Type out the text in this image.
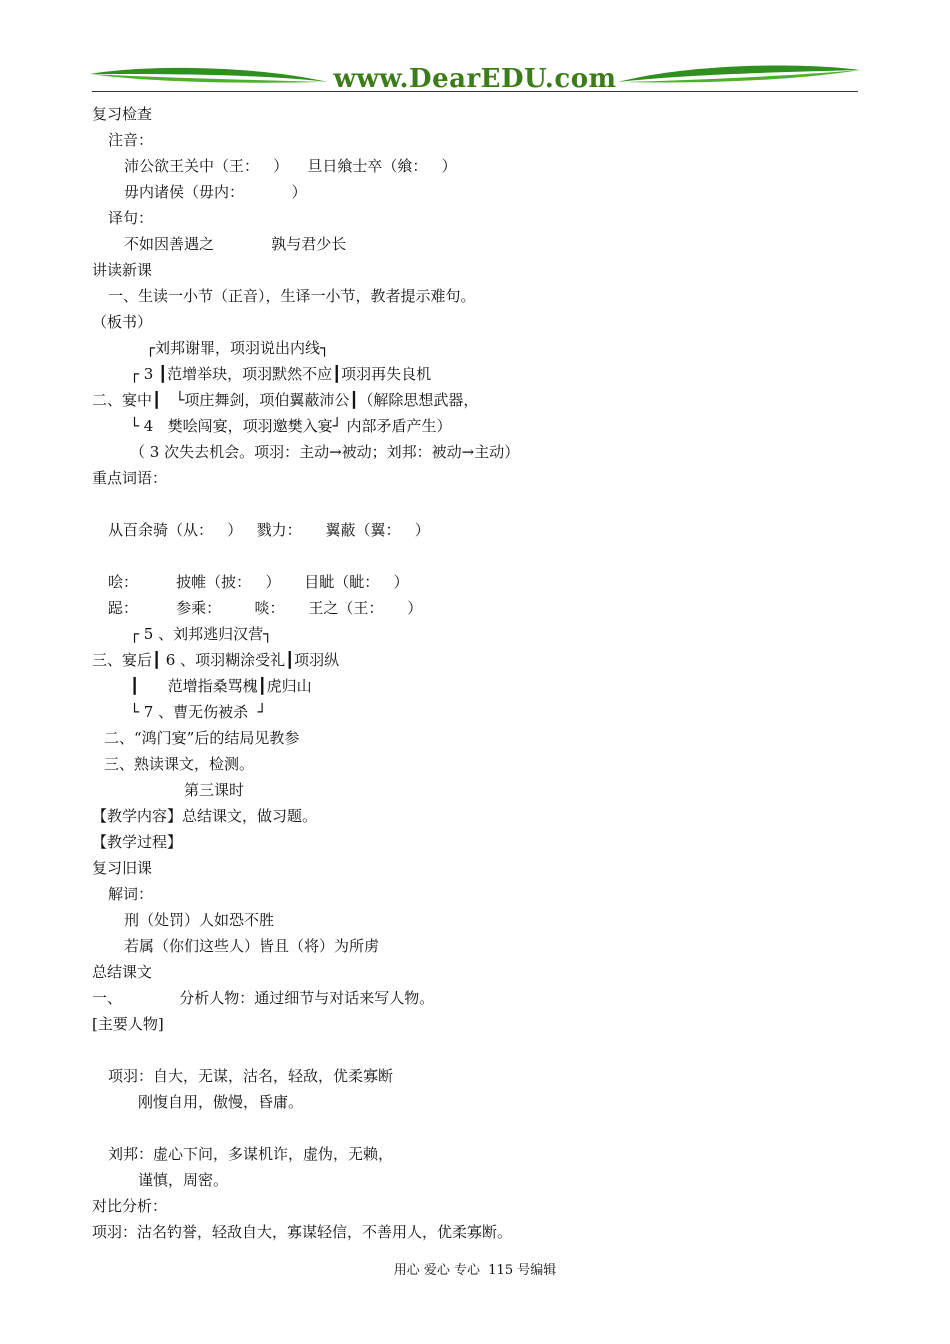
www.DearEDU.com
复习检查
注音：
沛公欲王关中（王：   ）    旦日飨士卒（飨：   ）
毋内诸侯（毋内：          ）
译句：
不如因善遇之            孰与君少长
讲读新课
一、生读一小节（正音），生译一小节，教者提示难句。
（板书）
┌刘邦谢罪，项羽说出内线┐
┌ 3 ┃范增举玦，项羽默然不应┃项羽再失良机
二、宴中┃   └项庄舞剑，项伯翼蔽沛公┃（解除思想武器，
└ 4   樊哙闯宴，项羽邀樊入宴┘ 内部矛盾产生）
（ 3 次失去机会。项羽：主动→被动；刘邦：被动→主动）
重点词语：
从百余骑（从：   ）   戮力：     翼蔽（翼：   ）
哙：        披帷（披：   ）     目眦（眦：   ）
跽：        参乘：       啖：     王之（王：     ）
┌ 5 、刘邦逃归汉营┐
三、宴后┃ 6 、项羽糊涂受礼┃项羽纵
┃      范增指桑骂槐┃虎归山
└ 7 、曹无伤被杀  ┘
二、“鸿门宴”后的结局见教参
三、熟读课文，检测。
第三课时
【教学内容】总结课文，做习题。
【教学过程】
复习旧课
解词：
刑（处罚）人如恐不胜
若属（你们这些人）皆且（将）为所虏
总结课文
一、            分析人物：通过细节与对话来写人物。
[主要人物]
项羽：自大，无谋，沽名，轻敌，优柔寡断
刚愎自用，傲慢，昏庸。
刘邦：虚心下问，多谋机诈，虚伪，无赖，
谨慎，周密。
对比分析：
项羽：沽名钓誉，轻敌自大，寡谋轻信，不善用人，优柔寡断。
用心 爱心 专心  115 号编辑
